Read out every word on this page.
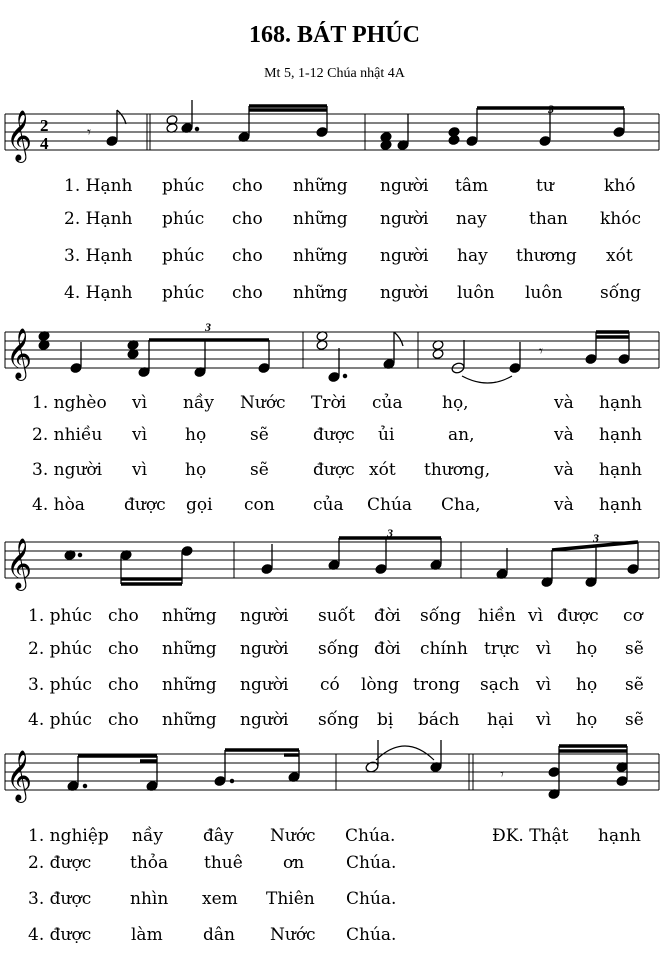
168. BÁT PHÚC
Mt 5, 1-12 Chúa nhật 4A
𝄞 2
4
𝄾
3
1. Hạnh phúc cho những người tâm	tư	khó
2. Hạnh phúc cho những người nay than khóc
3. Hạnh phúc cho những người hay thương xót
4. Hạnh phúc cho những người luôn luôn sống
𝄞	𝄾
3
1. nghèo vì nầy Nước Trời của họ,	và hạnh
2. nhiều vì họ	sẽ	được ủi	an,	và hạnh
3. người vì họ	sẽ	được xót thương,	và hạnh
4. hòa được gọi con của Chúa Cha,	và hạnh
𝄞
3	3
1. phúc cho những người suốt đời sống hiền vì được cơ
2. phúc cho những người sống đời chính trực vì họ sẽ
3. phúc cho những người có lòng trong sạch vì họ sẽ
4. phúc cho những người sống bị bách hại vì họ sẽ
𝄞	𝄾
1. nghiệp nầy đây Nước Chúa.	ĐK. Thật hạnh
2. được thỏa thuê ơn Chúa.
3. được nhìn xem Thiên Chúa.
4. được làm dân Nước Chúa.
